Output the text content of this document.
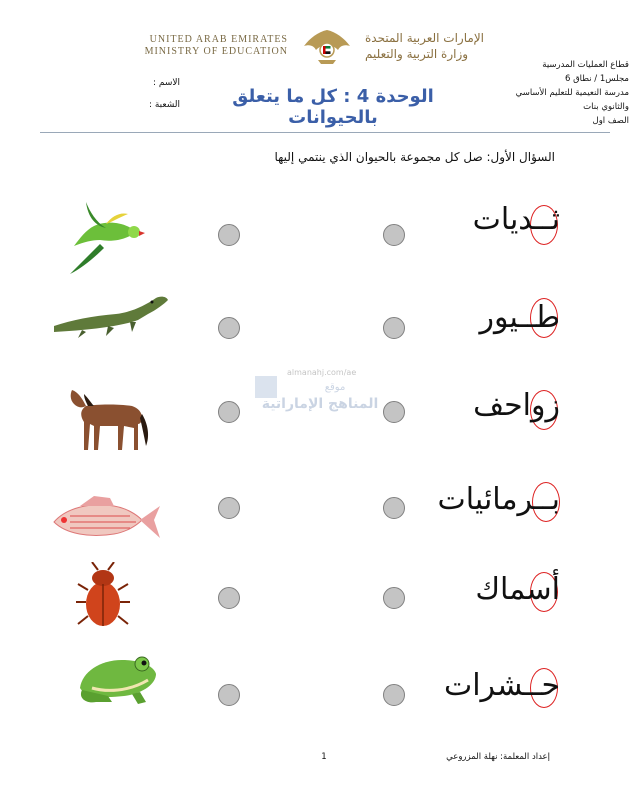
UNITED ARAB EMIRATES
MINISTRY OF EDUCATION
الإمارات العربية المتحدة
وزارة التربية والتعليم
قطاع العمليات المدرسية
مجلس1 / نطاق 6
مدرسة النعيمية للتعليم الأساسي
والثانوي بنات
الصف اول
الاسم :
الشعبة :	الوحدة 4 : كل ما يتعلق بالحيوانات
السؤال الأول: صل كل مجموعة بالحيوان الذي ينتمي إليها
almanahj.com/ae
موقع
المناهج الإماراتية
ثــديات
طــيور
زواحف
بــرمائيات
أسماك
حــشرات
1	إعداد المعلمة: نهلة المزروعي
